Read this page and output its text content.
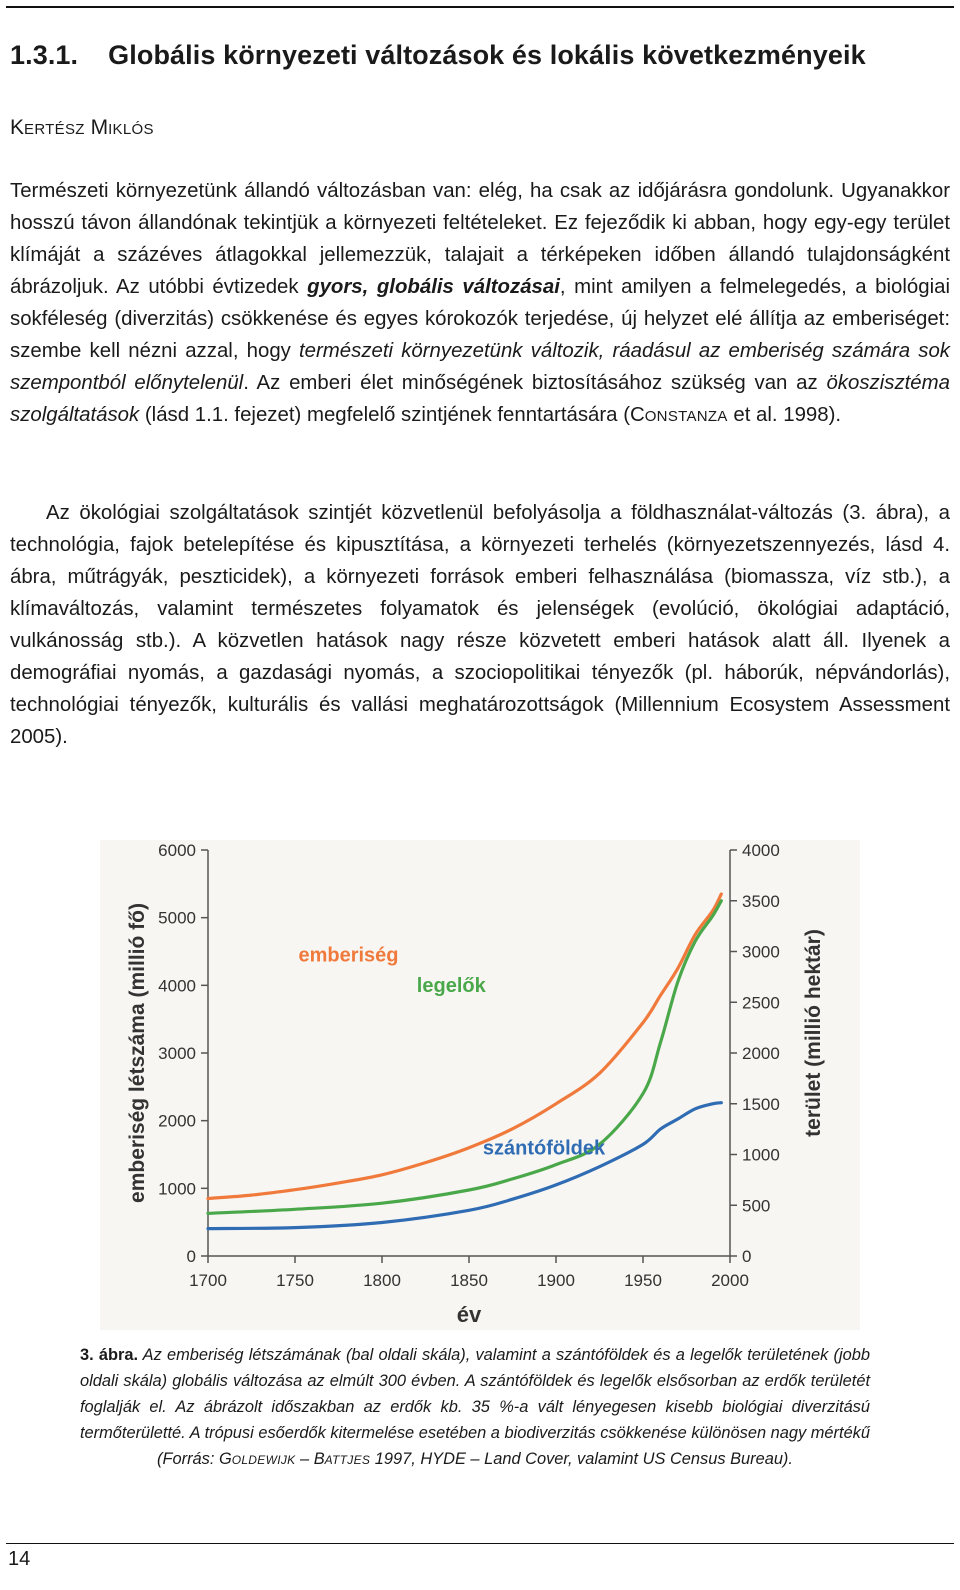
1.3.1. Globális környezeti változások és lokális következményeik
KERTÉSZ MIKLÓS

Természeti környezetünk állandó változásban van: elég, ha csak az időjárásra gondolunk. Ugyanakkor hosszú távon állandónak tekintjük a környezeti feltételeket. Ez fejeződik ki abban, hogy egy-egy terület klímáját a százéves átlagokkal jellemezzük, talajait a térképeken időben állandó tulajdonságként ábrázoljuk. Az utóbbi évtizedek gyors, globális változásai, mint amilyen a felmelegedés, a biológiai sokféleség (diverzitás) csökkenése és egyes kórokozók terjedése, új helyzet elé állítja az emberiséget: szembe kell nézni azzal, hogy természeti környezetünk változik, ráadásul az emberiség számára sok szempontból előnytelenül. Az emberi élet minőségének biztosításához szükség van az ökoszisztéma szolgáltatások (lásd 1.1. fejezet) megfelelő szintjének fenntartására (CONSTANZA et al. 1998).

Az ökológiai szolgáltatások szintjét közvetlenül befolyásolja a földhasználat-változás (3. ábra), a technológia, fajok betelepítése és kipusztítása, a környezeti terhelés (környezetszennyezés, lásd 4. ábra, műtrágyák, peszticidek), a környezeti források emberi felhasználása (biomassza, víz stb.), a klímaváltozás, valamint természetes folyamatok és jelenségek (evolúció, ökológiai adaptáció, vulkánosság stb.). A közvetlen hatások nagy része közvetett emberi hatások alatt áll. Ilyenek a demográfiai nyomás, a gazdasági nyomás, a szociopolitikai tényezők (pl. háborúk, népvándorlás), technológiai tényezők, kulturális és vallási meghatározottságok (Millennium Ecosystem Assessment 2005).

1700	1750	1800	1850	1900	1950	2000
0
1000
2000
3000
4000
5000
6000
0
500
1000
1500
2000
2500
3000
3500
4000
emberiség
legelők
szántóföldek
emberiség létszáma (millió fő)	terület (millió hektár)
év

3. ábra. Az emberiség létszámának (bal oldali skála), valamint a szántóföldek és a legelők területének (jobb oldali skála) globális változása az elmúlt 300 évben. A szántóföldek és legelők elsősorban az erdők területét foglalják el. Az ábrázolt időszakban az erdők kb. 35 %-a vált lényegesen kisebb biológiai diverzitású termőterületté. A trópusi esőerdők kitermelése esetében a biodiverzitás csökkenése különösen nagy mértékű (Forrás: GOLDEWIJK – BATTJES 1997, HYDE – Land Cover, valamint US Census Bureau).

14
